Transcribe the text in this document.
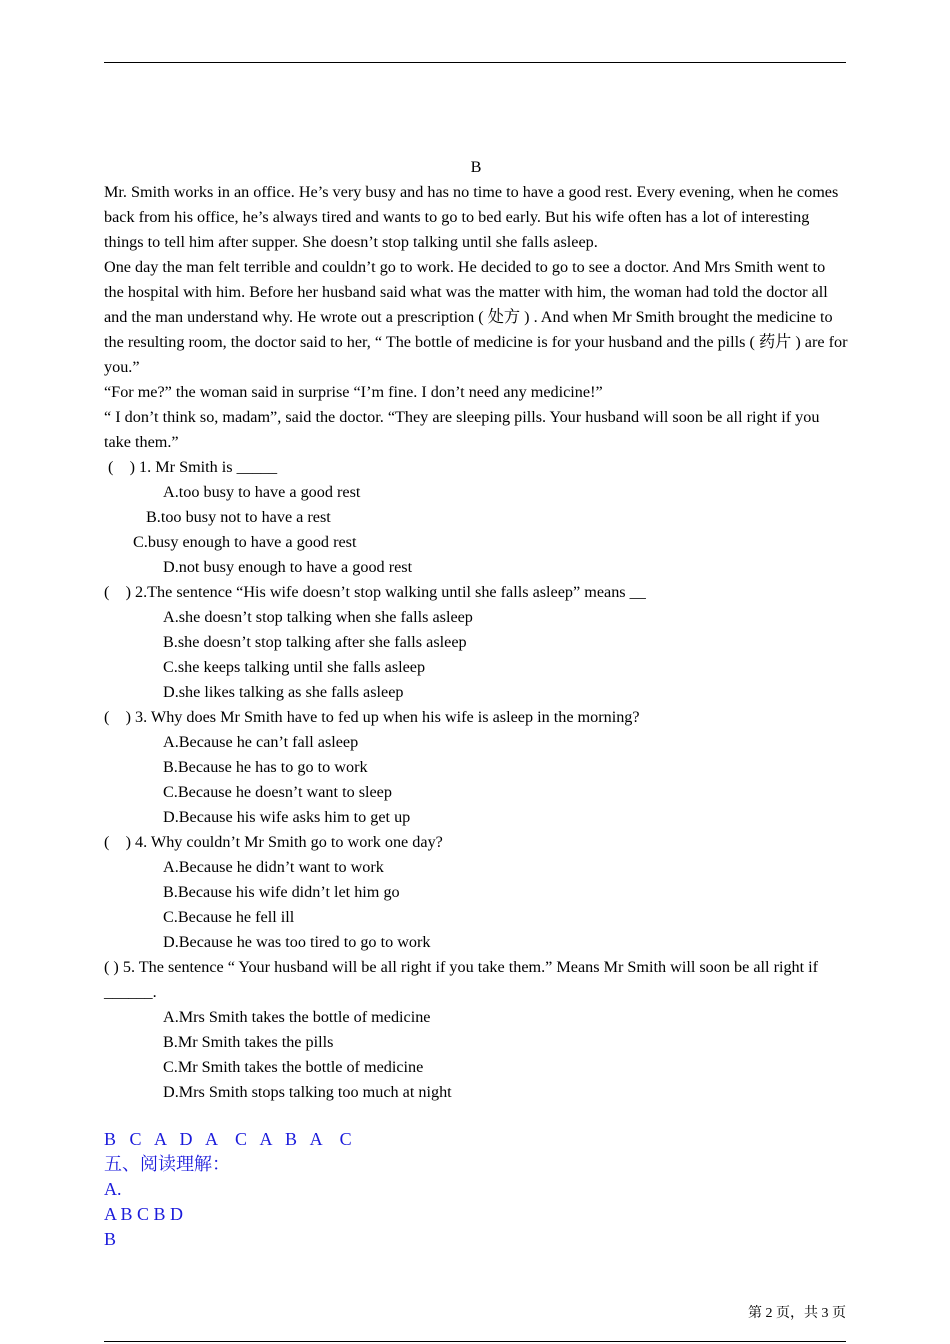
B
Mr. Smith works in an office. He’s very busy and has no time to have a good rest. Every evening, when he comes back from his office, he’s always tired and wants to go to bed early. But his wife often has a lot of interesting things to tell him after supper. She doesn’t stop talking until she falls asleep.
One day the man felt terrible and couldn’t go to work. He decided to go to see a doctor. And Mrs Smith went to the hospital with him. Before her husband said what was the matter with him, the woman had told the doctor all and the man understand why. He wrote out a prescription ( 处方 ) . And when Mr Smith brought the medicine to the resulting room, the doctor said to her, “ The bottle of medicine is for your husband and the pills ( 药片 ) are for you.”
“For me?” the woman said in surprise “I’m fine. I don’t need any medicine!”
“ I don’t think so, madam”, said the doctor. “They are sleeping pills. Your husband will soon be all right if you take them.”
(    ) 1. Mr Smith is _____
A.too busy to have a good rest
B.too busy not to have a rest
C.busy enough to have a good rest
D.not busy enough to have a good rest
(    ) 2.The sentence “His wife doesn’t stop walking until she falls asleep” means __
A.she doesn’t stop talking when she falls asleep
B.she doesn’t stop talking after she falls asleep
C.she keeps talking until she falls asleep
D.she likes talking as she falls asleep
(    ) 3. Why does Mr Smith have to fed up when his wife is asleep in the morning?
A.Because he can’t fall asleep
B.Because he has to go to work
C.Because he doesn’t want to sleep
D.Because his wife asks him to get up
(    ) 4. Why couldn’t Mr Smith go to work one day?
A.Because he didn’t want to work
B.Because his wife didn’t let him go
C.Because he fell ill
D.Because he was too tired to go to work
( ) 5. The sentence “ Your husband will be all right if you take them.” Means Mr Smith will soon be all right if ______.
A.Mrs Smith takes the bottle of medicine
B.Mr Smith takes the pills
C.Mr Smith takes the bottle of medicine
D.Mrs Smith stops talking too much at night
B   C   A   D   A    C   A   B   A    C
五、阅读理解：
A.
A B C B D
B
第 2 页，共 3 页
